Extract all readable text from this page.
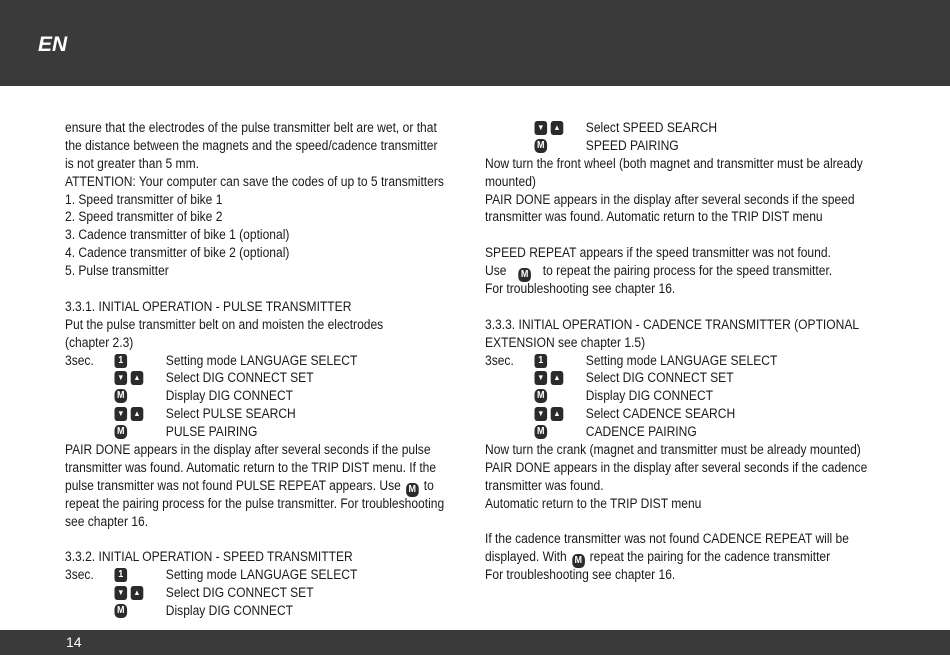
EN
ensure that the electrodes of the pulse transmitter belt are wet, or that
the distance between the magnets and the speed/cadence transmitter
is not greater than 5 mm.
ATTENTION: Your computer can save the codes of up to 5 transmitters
1. Speed transmitter of bike 1
2. Speed transmitter of bike 2
3. Cadence transmitter of bike 1 (optional)
4. Cadence transmitter of bike 2 (optional)
5. Pulse transmitter
3.3.1. INITIAL OPERATION - PULSE TRANSMITTER
Put the pulse transmitter belt on and moisten the electrodes
(chapter 2.3)
3sec.	1	Setting mode LANGUAGE SELECT
▼	▲ Select DIG CONNECT SET
M	Display DIG CONNECT
▼	▲ Select PULSE SEARCH
M	PULSE PAIRING
PAIR DONE appears in the display after several seconds if the pulse
transmitter was found. Automatic return to the TRIP DIST menu. If the
pulse transmitter was not found PULSE REPEAT appears. Use M to
repeat the pairing process for the pulse transmitter. For troubleshooting
see chapter 16.
3.3.2. INITIAL OPERATION - SPEED TRANSMITTER
3sec.	1	Setting mode LANGUAGE SELECT
▼	▲ Select DIG CONNECT SET
M	Display DIG CONNECT
▼	▲ Select SPEED SEARCH
M	SPEED PAIRING
Now turn the front wheel (both magnet and transmitter must be already
mounted)
PAIR DONE appears in the display after several seconds if the speed
transmitter was found. Automatic return to the TRIP DIST menu
SPEED REPEAT appears if the speed transmitter was not found.
Use M to repeat the pairing process for the speed transmitter.
For troubleshooting see chapter 16.
3.3.3. INITIAL OPERATION - CADENCE TRANSMITTER (OPTIONAL
EXTENSION see chapter 1.5)
3sec.	1	Setting mode LANGUAGE SELECT
▼	▲ Select DIG CONNECT SET
M	Display DIG CONNECT
▼	▲ Select CADENCE SEARCH
M	CADENCE PAIRING
Now turn the crank (magnet and transmitter must be already mounted)
PAIR DONE appears in the display after several seconds if the cadence
transmitter was found.
Automatic return to the TRIP DIST menu
If the cadence transmitter was not found CADENCE REPEAT will be
displayed. With M repeat the pairing for the cadence transmitter
For troubleshooting see chapter 16.
14
